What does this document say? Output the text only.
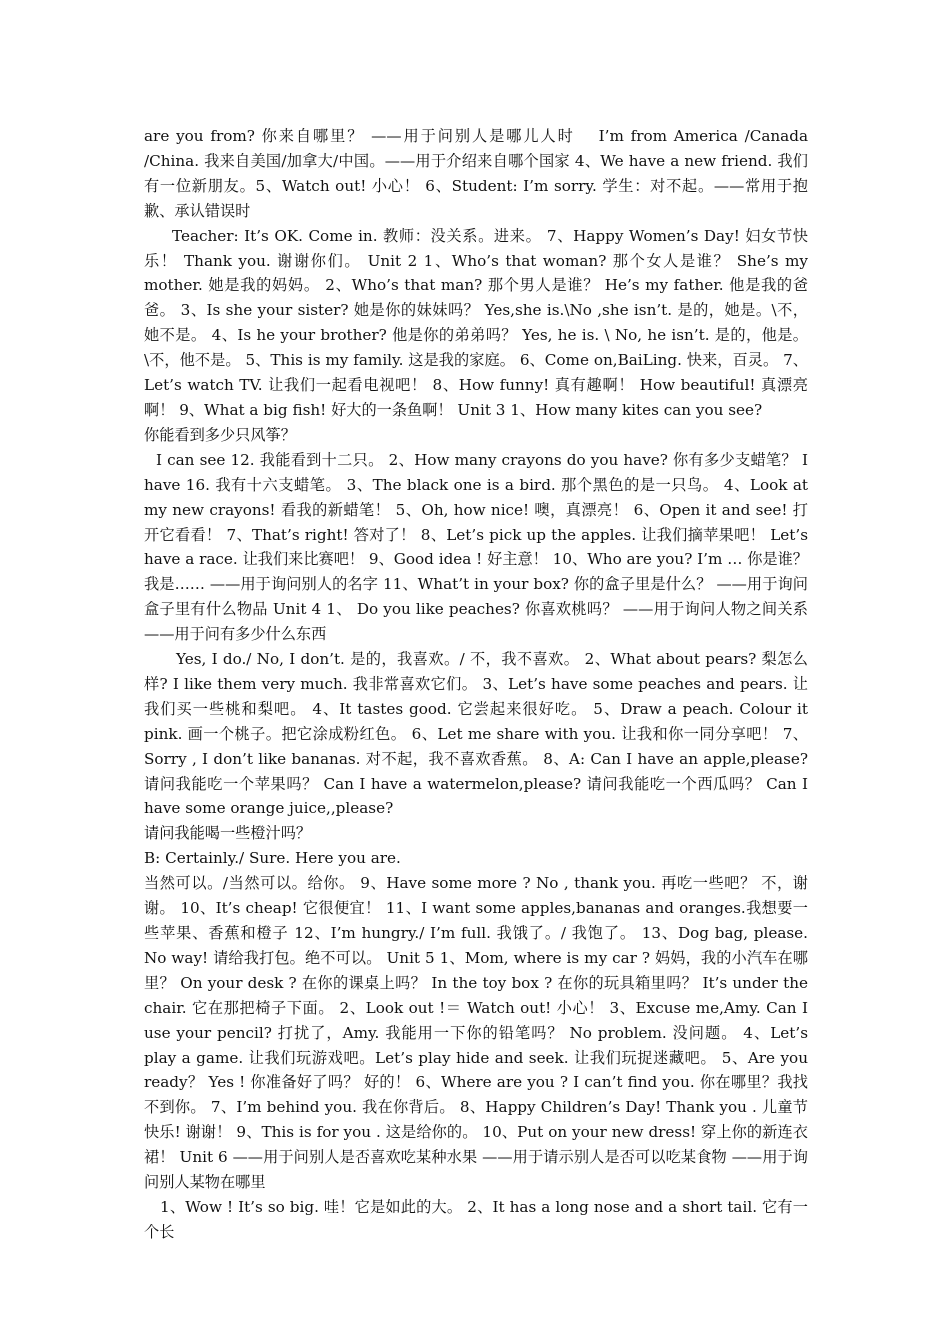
are you from? 你来自哪里？ ——用于问别人是哪儿人时　 I’m from America /Canada /China. 我来自美国/加拿大/中国。——用于介绍来自哪个国家 4、We have a new friend. 我们有一位新朋友。5、Watch out! 小心！ 6、Student: I’m sorry. 学生：对不起。——常用于抱歉、承认错误时

Teacher: It’s OK. Come in. 教师：没关系。进来。 7、Happy Women’s Day! 妇女节快乐！ Thank you. 谢谢你们。 Unit 2 1、Who’s that woman? 那个女人是谁？ She’s my mother. 她是我的妈妈。 2、Who’s that man? 那个男人是谁？ He’s my father. 他是我的爸爸。 3、Is she your sister? 她是你的妹妹吗？ Yes,she is.\No ,she isn’t. 是的，她是。\不，她不是。 4、Is he your brother? 他是你的弟弟吗？ Yes, he is. \ No, he isn’t. 是的，他是。\不，他不是。 5、This is my family. 这是我的家庭。 6、Come on,BaiLing. 快来，百灵。 7、Let’s watch TV. 让我们一起看电视吧！ 8、How funny! 真有趣啊！ How beautiful! 真漂亮啊！ 9、What a big fish! 好大的一条鱼啊！ Unit 3 1、How many kites can you see?

你能看到多少只风筝？

I can see 12. 我能看到十二只。 2、How many crayons do you have? 你有多少支蜡笔？ I have 16. 我有十六支蜡笔。 3、The black one is a bird. 那个黑色的是一只鸟。 4、Look at my new crayons! 看我的新蜡笔！ 5、Oh, how nice! 噢，真漂亮！ 6、Open it and see! 打开它看看！ 7、That’s right! 答对了！ 8、Let’s pick up the apples. 让我们摘苹果吧！ Let’s have a race. 让我们来比赛吧！ 9、Good idea ! 好主意！ 10、Who are you? I’m … 你是谁？ 我是…… ——用于询问别人的名字 11、What’t in your box? 你的盒子里是什么？ ——用于询问盒子里有什么物品 Unit 4 1、 Do you like peaches? 你喜欢桃吗？ ——用于询问人物之间关系 ——用于问有多少什么东西

Yes, I do./ No, I don’t. 是的，我喜欢。/ 不，我不喜欢。 2、What about pears? 梨怎么样? I like them very much. 我非常喜欢它们。 3、Let’s have some peaches and pears. 让我们买一些桃和梨吧。 4、It tastes good. 它尝起来很好吃。 5、Draw a peach. Colour it pink. 画一个桃子。把它涂成粉红色。 6、Let me share with you. 让我和你一同分享吧！ 7、 Sorry , I don’t like bananas. 对不起，我不喜欢香蕉。 8、A: Can I have an apple,please? 请问我能吃一个苹果吗？ Can I have a watermelon,please? 请问我能吃一个西瓜吗？ Can I have some orange juice,,please?

请问我能喝一些橙汁吗？

B: Certainly./ Sure. Here you are.

当然可以。/当然可以。给你。 9、Have some more ? No , thank you. 再吃一些吧？ 不，谢谢。 10、It’s cheap! 它很便宜！ 11、I want some apples,bananas and oranges.我想要一些苹果、香蕉和橙子 12、I’m hungry./ I’m full. 我饿了。/ 我饱了。 13、Dog bag, please. No way! 请给我打包。绝不可以。 Unit 5 1、Mom, where is my car ? 妈妈，我的小汽车在哪里？ On your desk ? 在你的课桌上吗？ In the toy box ? 在你的玩具箱里吗？ It’s under the chair. 它在那把椅子下面。 2、Look out !＝ Watch out! 小心！ 3、Excuse me,Amy. Can I use your pencil? 打扰了，Amy. 我能用一下你的铅笔吗？ No problem. 没问题。 4、Let’s play a game. 让我们玩游戏吧。Let’s play hide and seek. 让我们玩捉迷藏吧。 5、Are you ready？ Yes ! 你准备好了吗？ 好的！ 6、Where are you ? I can’t find you. 你在哪里？我找不到你。 7、I’m behind you. 我在你背后。 8、Happy Children’s Day! Thank you . 儿童节快乐! 谢谢！ 9、This is for you . 这是给你的。 10、Put on your new dress! 穿上你的新连衣裙！ Unit 6 ——用于问别人是否喜欢吃某种水果 ——用于请示别人是否可以吃某食物 ——用于询问别人某物在哪里

1、Wow ! It’s so big. 哇！它是如此的大。 2、It has a long nose and a short tail. 它有一个长
